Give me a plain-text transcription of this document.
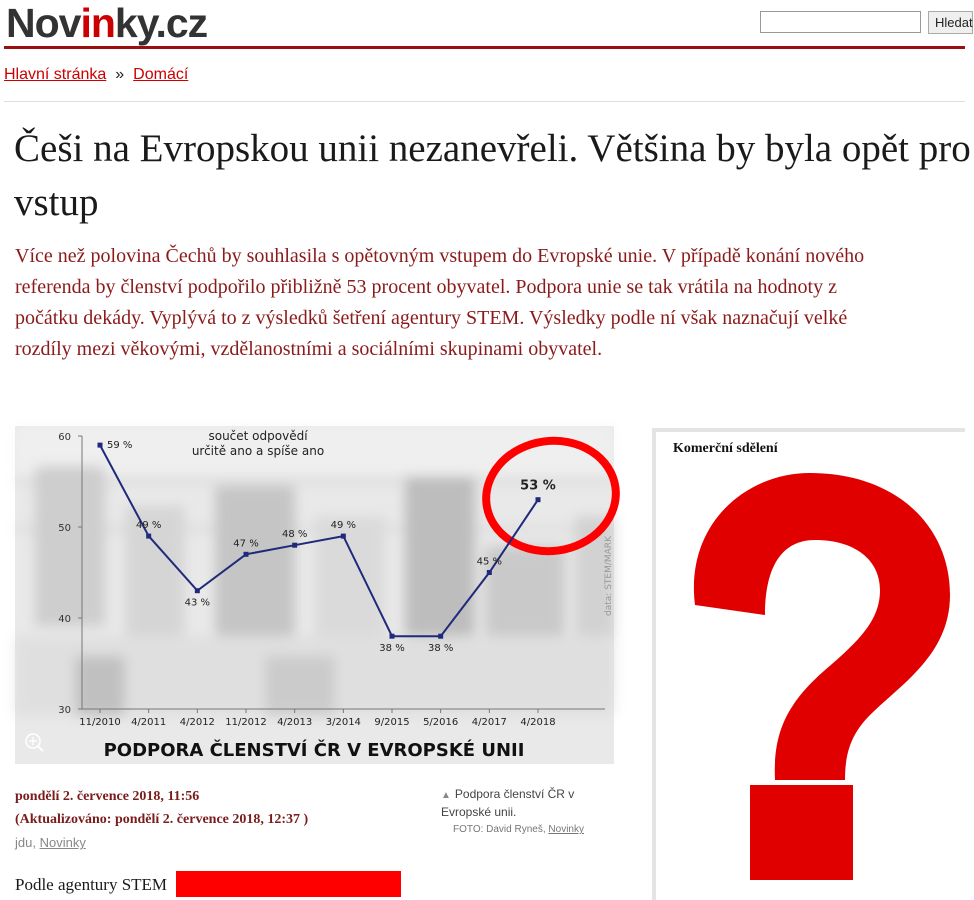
Novinky.cz	Hledat
Hlavní stránka » Domácí
Češi na Evropskou unii nezanevřeli. Většina by byla opět pro vstup

Více než polovina Čechů by souhlasila s opětovným vstupem do Evropské unie. V případě konání nového referenda by členství podpořilo přibližně 53 procent obyvatel. Podpora unie se tak vrátila na hodnoty z počátku dekády. Vyplývá to z výsledků šetření agentury STEM. Výsledky podle ní však naznačují velké rozdíly mezi věkovými, vzdělanostními a sociálními skupinami obyvatel.

30
40
50
60
11/2010 4/2011 4/2012 11/2012 4/2013 3/2014 9/2015 5/2016 4/2017 4/2018
součet odpovědí
určitě ano a spíše ano
59 %
49 %
43 %
47 %
48 %
49 %
38 % 38 %
45 %
53 %
data: STEM/MARK
PODPORA ČLENSTVÍ ČR V EVROPSKÉ UNII
pondělí 2. července 2018, 11:56
(Aktualizováno: pondělí 2. července 2018, 12:37 )
jdu, Novinky
▲ Podpora členství ČR v Evropské unii.
FOTO: David Ryneš, Novinky
Podle agentury STEM
Komerční sdělení
